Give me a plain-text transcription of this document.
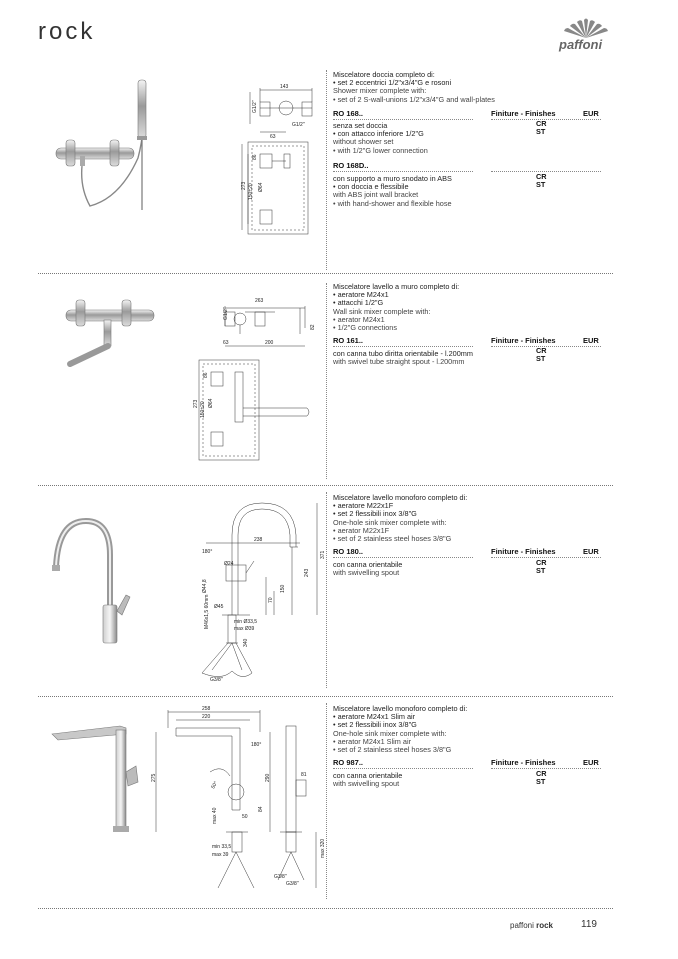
rock	paffoni
143
G1/2"
G1/2"
63
86
273 150±20 Ø64
Miscelatore doccia completo di:
• set 2 eccentrici 1/2"x3/4"G e rosoni
Shower mixer complete with:
• set of 2 S-wall-unions 1/2"x3/4"G and wall-plates
RO 168..	Finiture - Finishes	EUR
senza set doccia
• con attacco inferiore 1/2"G
without shower set
• with 1/2"G lower connection
CR
ST
RO 168D..
con supporto a muro snodato in ABS
• con doccia e flessibile
with ABS joint wall bracket
• with hand-shower and flexible hose
CR
ST
263
G1/2"
63	200
82
86
273 150±20 Ø64
Miscelatore lavello a muro completo di:
• aeratore M24x1
• attacchi 1/2"G
Wall sink mixer complete with:
• aerator M24x1
• 1/2"G connections
RO 161..	Finiture - Finishes	EUR
con canna tubo diritta orientabile - l.200mm
with swivel tube straight spout - l.200mm
CR
ST
238
180°
Ø24
371
243
150
70
Ø44,8
Ø45
min Ø33,5
max Ø39
M46x1,5 60mm
340
G3/8"
Miscelatore lavello monoforo completo di:
• aeratore M22x1F
• set 2 flessibili inox 3/8"G
One-hole sink mixer complete with:
• aerator M22x1F
• set of 2 stainless steel hoses 3/8"G
RO 180..	Finiture - Finishes	EUR
con canna orientabile
with swivelling spout
CR
ST
258
220
180°
275	290	81
50°
50
84
max 40
min 33,5
max 39	max 320
G3/8"
G3/8"
Miscelatore lavello monoforo completo di:
• aeratore M24x1 Slim air
• set 2 flessibili inox 3/8"G
One-hole sink mixer complete with:
• aerator M24x1 Slim air
• set of 2 stainless steel hoses 3/8"G
RO 987..	Finiture - Finishes	EUR
con canna orientabile
with swivelling spout
CR
ST
paffoni rock	119
